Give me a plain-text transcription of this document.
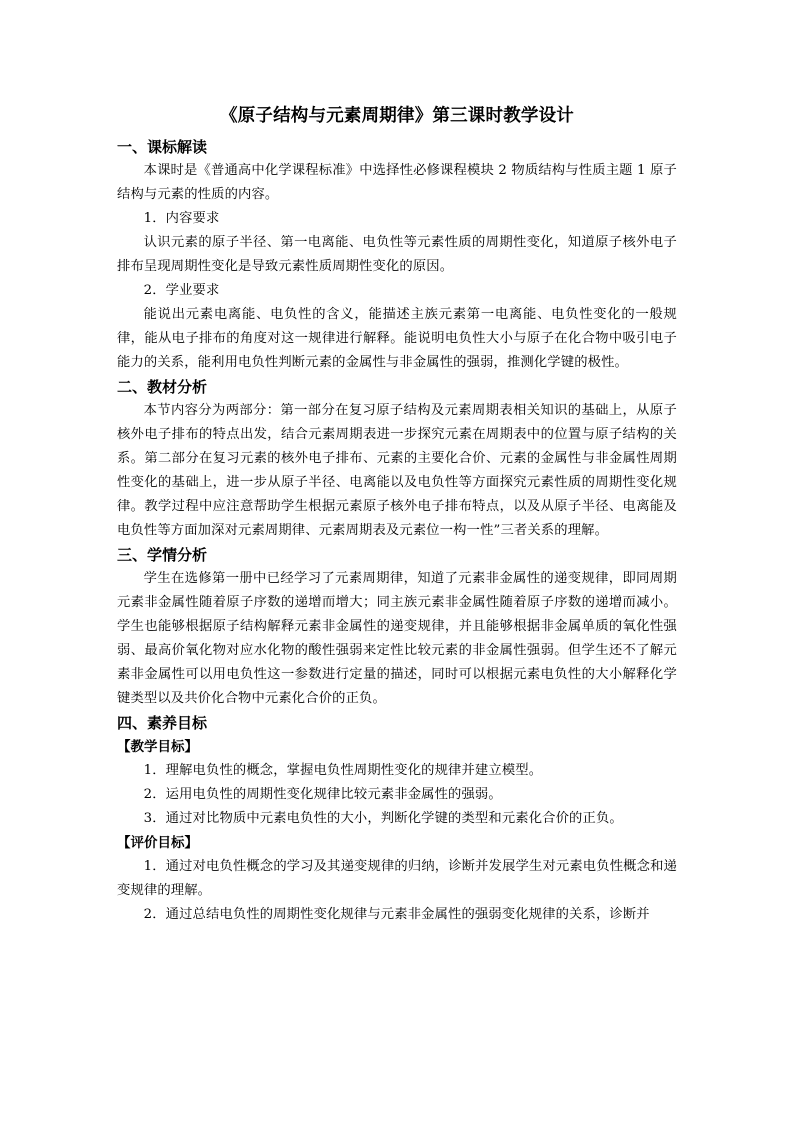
《原子结构与元素周期律》第三课时教学设计
一、课标解读

本课时是《普通高中化学课程标准》中选择性必修课程模块 2 物质结构与性质主题 1 原子结构与元素的性质的内容。

1．内容要求

认识元素的原子半径、第一电离能、电负性等元素性质的周期性变化，知道原子核外电子排布呈现周期性变化是导致元素性质周期性变化的原因。

2．学业要求

能说出元素电离能、电负性的含义，能描述主族元素第一电离能、电负性变化的一般规律，能从电子排布的角度对这一规律进行解释。能说明电负性大小与原子在化合物中吸引电子能力的关系，能利用电负性判断元素的金属性与非金属性的强弱，推测化学键的极性。

二、教材分析

本节内容分为两部分：第一部分在复习原子结构及元素周期表相关知识的基础上，从原子核外电子排布的特点出发，结合元素周期表进一步探究元素在周期表中的位置与原子结构的关系。第二部分在复习元素的核外电子排布、元素的主要化合价、元素的金属性与非金属性周期性变化的基础上，进一步从原子半径、电离能以及电负性等方面探究元素性质的周期性变化规律。教学过程中应注意帮助学生根据元素原子核外电子排布特点，以及从原子半径、电离能及电负性等方面加深对元素周期律、元素周期表及元素位一构一性”三者关系的理解。

三、学情分析

学生在选修第一册中已经学习了元素周期律，知道了元素非金属性的递变规律，即同周期元素非金属性随着原子序数的递增而增大；同主族元素非金属性随着原子序数的递增而减小。学生也能够根据原子结构解释元素非金属性的递变规律，并且能够根据非金属单质的氧化性强弱、最高价氧化物对应水化物的酸性强弱来定性比较元素的非金属性强弱。但学生还不了解元素非金属性可以用电负性这一参数进行定量的描述，同时可以根据元素电负性的大小解释化学键类型以及共价化合物中元素化合价的正负。

四、素养目标
【教学目标】

1．理解电负性的概念，掌握电负性周期性变化的规律并建立模型。

2．运用电负性的周期性变化规律比较元素非金属性的强弱。

3．通过对比物质中元素电负性的大小，判断化学键的类型和元素化合价的正负。

【评价目标】

1．通过对电负性概念的学习及其递变规律的归纳，诊断并发展学生对元素电负性概念和递变规律的理解。

2．通过总结电负性的周期性变化规律与元素非金属性的强弱变化规律的关系，诊断并
